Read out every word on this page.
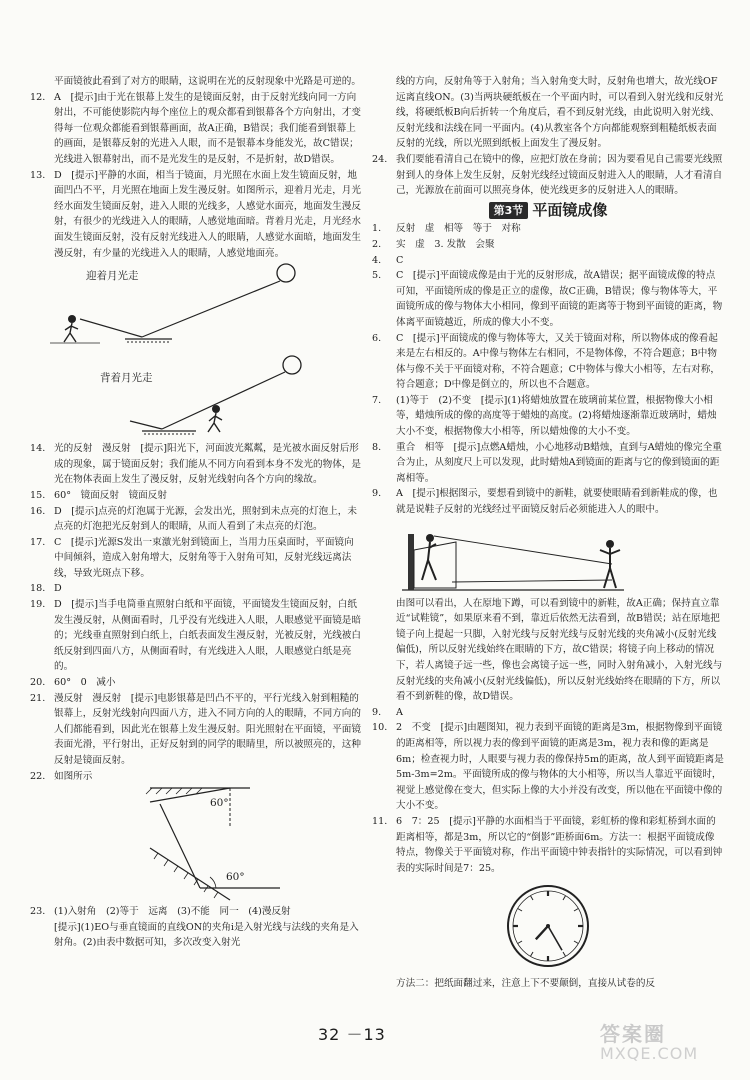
平面镜彼此看到了对方的眼睛，这说明在光的反射现象中光路是可逆的。

12. A　[提示]由于光在银幕上发生的是镜面反射，由于反射光线向同一方向射出，不可能使影院内每个座位上的观众都看到银幕各个方向射出，才变得每一位观众都能看到银幕画面，故A正确，B错误；我们能看到银幕上的画面，是银幕反射的光进入人眼，而不是银幕本身能发光，故C错误；光线进入银幕射出，而不是光发生的是反射，不是折射，故D错误。

13. D　[提示]平静的水面，相当于镜面，月光照在水面上发生镜面反射，地面凹凸不平，月光照在地面上发生漫反射。如图所示，迎着月光走，月光经水面发生镜面反射，进入人眼的光线多，人感觉水面亮，地面发生漫反射，有很少的光线进入人的眼睛，人感觉地面暗。背着月光走，月光经水面发生镜面反射，没有反射光线进入人的眼睛，人感觉水面暗，地面发生漫反射，有少量的光线进入人的眼睛，人感觉地面亮。

迎着月光走
背着月光走
14. 光的反射　漫反射　[提示]阳光下，河面波光粼粼，是光被水面反射后形成的现象，属于镜面反射；我们能从不同方向看到本身不发光的物体，是光在物体表面上发生了漫反射，反射光线射向各个方向的缘故。

15. 60°　镜面反射　镜面反射

16. D　[提示]点亮的灯泡属于光源，会发出光，照射到未点亮的灯泡上，未点亮的灯泡把光反射到人的眼睛，从而人看到了未点亮的灯泡。

17. C　[提示]光源S发出一束激光射到镜面上，当用力压桌面时，平面镜向中间倾斜，造成入射角增大，反射角等于入射角可知，反射光线远离法线，导致光斑点下移。

18. D

19. D　[提示]当手电筒垂直照射白纸和平面镜，平面镜发生镜面反射，白纸发生漫反射，从侧面看时，几乎没有光线进入人眼，人眼感觉平面镜是暗的；光线垂直照射到白纸上，白纸表面发生漫反射，光被反射，光线被白纸反射到四面八方，从侧面看时，有光线进入人眼，人眼感觉白纸是亮的。

20. 60°　0　减小

21. 漫反射　漫反射　[提示]电影银幕是凹凸不平的，平行光线入射到粗糙的银幕上，反射光线射向四面八方，进入不同方向的人的眼睛，不同方向的人们都能看到，因此光在银幕上发生漫反射。阳光照射在平面镜，平面镜表面光滑，平行射出，正好反射到的同学的眼睛里，所以被照亮的，这种反射是镜面反射。

22. 如图所示

60°
60°
23. (1)入射角　(2)等于　远离　(3)不能　同一　(4)漫反射

[提示](1)EO与垂直镜面的直线ON的夹角i是入射光线与法线的夹角是入射角。(2)由表中数据可知，多次改变入射光

线的方向，反射角等于入射角；当入射角变大时，反射角也增大，故光线OF远离直线ON。(3)当两块硬纸板在一个平面内时，可以看到入射光线和反射光线，将硬纸板B向后折转一个角度后，看不到反射光线，由此说明入射光线、反射光线和法线在同一平面内。(4)从教室各个方向都能观察到粗糙纸板表面反射的光线，所以光照到纸板上面发生了漫反射。

24. 我们要能看清自己在镜中的像，应把灯放在身前；因为要看见自己需要光线照射到人的身体上发生反射，反射光线经过镜面反射进入人的眼睛，人才看清自己，光源放在前面可以照亮身体，使光线更多的反射进入人的眼睛。

第3节 平面镜成像
1. 反射　虚　相等　等于　对称

2. 实　虚　3. 发散　会聚

4. C

5. C　[提示]平面镜成像是由于光的反射形成，故A错误；据平面镜成像的特点可知，平面镜所成的像是正立的虚像，故C正确，B错误；像与物体等大，平面镜所成的像与物体大小相同，像到平面镜的距离等于物到平面镜的距离，物体离平面镜越近，所成的像大小不变。

6. C　[提示]平面镜成的像与物体等大，又关于镜面对称，所以物体成的像看起来是左右相反的。A中像与物体左右相同，不是物体像，不符合题意；B中物体与像不关于平面镜对称，不符合题意；C中物体与像大小相等，左右对称，符合题意；D中像是倒立的，所以也不合题意。

7. (1)等于　(2)不变　[提示](1)将蜡烛放置在玻璃前某位置，根据物像大小相等，蜡烛所成的像的高度等于蜡烛的高度。(2)将蜡烛逐渐靠近玻璃时，蜡烛大小不变，根据物像大小相等，所以蜡烛像的大小不变。

8. 重合　相等　[提示]点燃A蜡烛，小心地移动B蜡烛，直到与A蜡烛的像完全重合为止，从刻度尺上可以发现，此时蜡烛A到镜面的距离与它的像到镜面的距离相等。

9. A　[提示]根据图示，要想看到镜中的新鞋，就要使眼睛看到新鞋成的像，也就是说鞋子反射的光线经过平面镜反射后必须能进入人的眼中。

由图可以看出，人在原地下蹲，可以看到镜中的新鞋，故A正确；保持直立靠近“试鞋镜”，如果原来看不到，靠近后依然无法看到，故B错误；站在原地把镜子向上提起一只脚，入射光线与反射光线与反射光线的夹角减小(反射光线偏低)，所以反射光线始终在眼睛的下方，故C错误；将镜子向上移动的情况下，若人离镜子远一些，像也会离镜子远一些，同时入射角减小，入射光线与反射光线的夹角减小(反射光线偏低)，所以反射光线始终在眼睛的下方，所以看不到新鞋的像，故D错误。

9. A

10. 2　不变　[提示]由题图知，视力表到平面镜的距离是3m，根据物像到平面镜的距离相等，所以视力表的像到平面镜的距离是3m，视力表和像的距离是6m；检查视力时，人眼要与视力表的像保持5m的距离，故人到平面镜距离是5m-3m=2m。平面镜所成的像与物体的大小相等，所以当人靠近平面镜时，视觉上感觉像在变大，但实际上像的大小并没有改变，所以他在平面镜中像的大小不变。

11. 6　7：25　[提示]平静的水面相当于平面镜，彩虹桥的像和彩虹桥到水面的距离相等，都是3m，所以它的“倒影”距桥面6m。方法一：根据平面镜成像特点，物像关于平面镜对称，作出平面镜中钟表指针的实际情况，可以看到钟表的实际时间是7：25。

方法二：把纸面翻过来，注意上下不要颠倒，直接从试卷的反

32 －13	答案圈
MXQE.COM
